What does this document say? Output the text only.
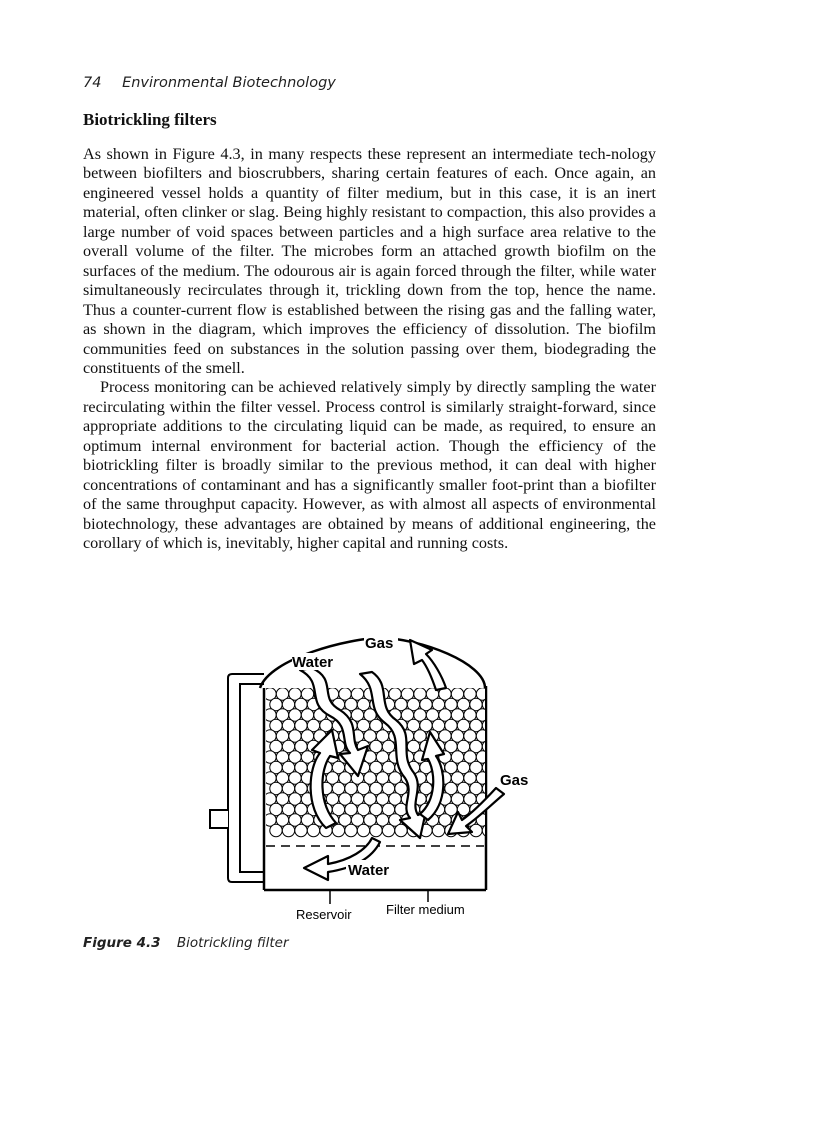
74 Environmental Biotechnology
Biotrickling filters

As shown in Figure 4.3, in many respects these represent an intermediate tech-nology between biofilters and bioscrubbers, sharing certain features of each. Once again, an engineered vessel holds a quantity of filter medium, but in this case, it is an inert material, often clinker or slag. Being highly resistant to compaction, this also provides a large number of void spaces between particles and a high surface area relative to the overall volume of the filter. The microbes form an attached growth biofilm on the surfaces of the medium. The odourous air is again forced through the filter, while water simultaneously recirculates through it, trickling down from the top, hence the name. Thus a counter-current flow is established between the rising gas and the falling water, as shown in the diagram, which improves the efficiency of dissolution. The biofilm communities feed on substances in the solution passing over them, biodegrading the constituents of the smell.

Process monitoring can be achieved relatively simply by directly sampling the water recirculating within the filter vessel. Process control is similarly straight-forward, since appropriate additions to the circulating liquid can be made, as required, to ensure an optimum internal environment for bacterial action. Though the efficiency of the biotrickling filter is broadly similar to the previous method, it can deal with higher concentrations of contaminant and has a significantly smaller foot-print than a biofilter of the same throughput capacity. However, as with almost all aspects of environmental biotechnology, these advantages are obtained by means of additional engineering, the corollary of which is, inevitably, higher capital and running costs.

Water
Gas
Gas
Water
Reservoir	Filter medium
Figure 4.3 Biotrickling filter
